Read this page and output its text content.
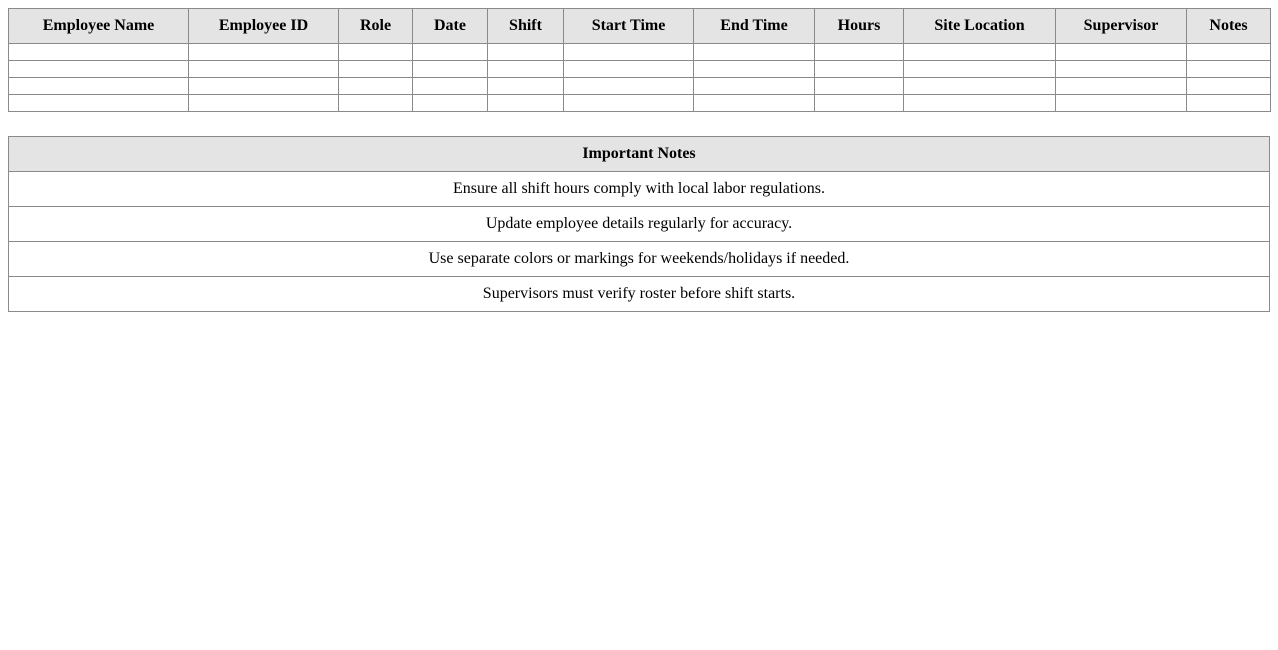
Employee Name	Employee ID	Role	Date	Shift	Start Time	End Time	Hours	Site Location	Supervisor	Notes

Important Notes
Ensure all shift hours comply with local labor regulations.
Update employee details regularly for accuracy.
Use separate colors or markings for weekends/holidays if needed.
Supervisors must verify roster before shift starts.
